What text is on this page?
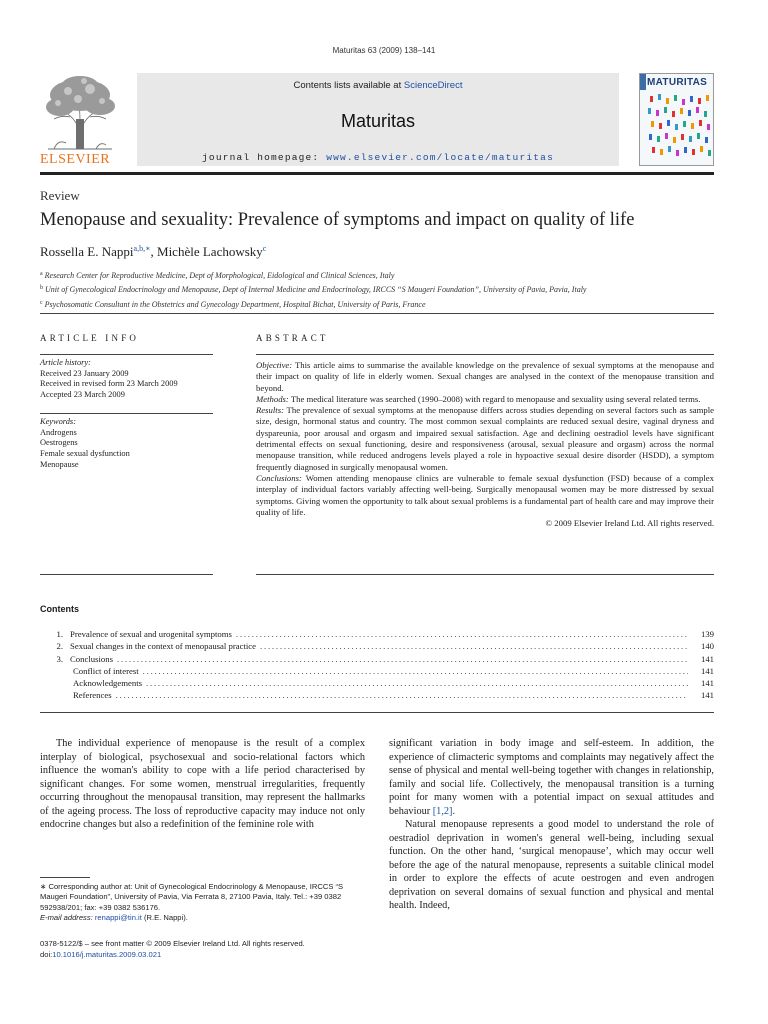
Maturitas 63 (2009) 138–141
ELSEVIER
Contents lists available at ScienceDirect
Maturitas
journal homepage: www.elsevier.com/locate/maturitas
MATURITAS
Review
Menopause and sexuality: Prevalence of symptoms and impact on quality of life
Rossella E. Nappi$^{a,b,∗}$, Michèle Lachowsky$^c$
$^a$ Research Center for Reproductive Medicine, Dept of Morphological, Eidological and Clinical Sciences, Italy
$^b$ Unit of Gynecological Endocrinology and Menopause, Dept of Internal Medicine and Endocrinology, IRCCS “S Maugeri Foundation”, University of Pavia, Pavia, Italy
$^c$ Psychosomatic Consultant in the Obstetrics and Gynecology Department, Hospital Bichat, University of Paris, France
ARTICLE INFO
Article history:
Received 23 January 2009
Received in revised form 23 March 2009
Accepted 23 March 2009
Keywords:
Androgens
Oestrogens
Female sexual dysfunction
Menopause
ABSTRACT
Objective: This article aims to summarise the available knowledge on the prevalence of sexual symptoms at the menopause and their impact on quality of life in elderly women. Sexual changes are analysed in the context of the menopause transition and beyond.
Methods: The medical literature was searched (1990–2008) with regard to menopause and sexuality using several related terms.
Results: The prevalence of sexual symptoms at the menopause differs across studies depending on several factors such as sample size, design, hormonal status and country. The most common sexual complaints are reduced sexual desire, vaginal dryness and dyspareunia, poor arousal and orgasm and impaired sexual satisfaction. Age and declining oestradiol levels have significant detrimental effects on sexual functioning, desire and responsiveness (arousal, sexual pleasure and orgasm) across the normal menopause transition, while reduced androgens levels played a role in hypoactive sexual desire disorder (HSDD), a symptom frequently diagnosed in surgically menopausal women.
Conclusions: Women attending menopause clinics are vulnerable to female sexual dysfunction (FSD) because of a complex interplay of individual factors variably affecting well-being. Surgically menopausal women may be more distressed by sexual symptoms. Giving women the opportunity to talk about sexual problems is a fundamental part of health care and may improve their quality of life.
© 2009 Elsevier Ireland Ltd. All rights reserved.
Contents
1. Prevalence of sexual and urogenital symptoms .....	139
2. Sexual changes in the context of menopausal practice .....	140
3. Conclusions .....	141
Conflict of interest .....	141
Acknowledgements .....	141
References .....	141

The individual experience of menopause is the result of a complex interplay of biological, psychosexual and socio-relational factors which influence the woman's ability to cope with a life period characterised by significant changes. For some women, menstrual irregularities, frequently occurring throughout the menopausal transition, may represent the hallmarks of the ageing process. The loss of reproductive capacity may induce not only endocrine changes but also a redefinition of the feminine role with

significant variation in body image and self-esteem. In addition, the experience of climacteric symptoms and complaints may negatively affect the sense of physical and mental well-being together with changes in relationship, family and social life. Collectively, the menopausal transition is a turning point for many women with a potential impact on sexual attitudes and behaviour [1,2].

Natural menopause represents a good model to understand the role of oestradiol deprivation in women's general well-being, including sexual function. On the other hand, ‘surgical menopause’, which may occur well before the age of the natural menopause, represents a suitable clinical model in order to explore the effects of acute oestrogen and even androgen deprivation on several domains of sexual function and physical and mental health. Indeed,

∗ Corresponding author at: Unit of Gynecological Endocrinology & Menopause, IRCCS “S Maugeri Foundation”, University of Pavia, Via Ferrata 8, 27100 Pavia, Italy. Tel.: +39 0382 592938/201; fax: +39 0382 536176.
E-mail address: renappi@tin.it (R.E. Nappi).
0378-5122/$ – see front matter © 2009 Elsevier Ireland Ltd. All rights reserved.
doi:10.1016/j.maturitas.2009.03.021
